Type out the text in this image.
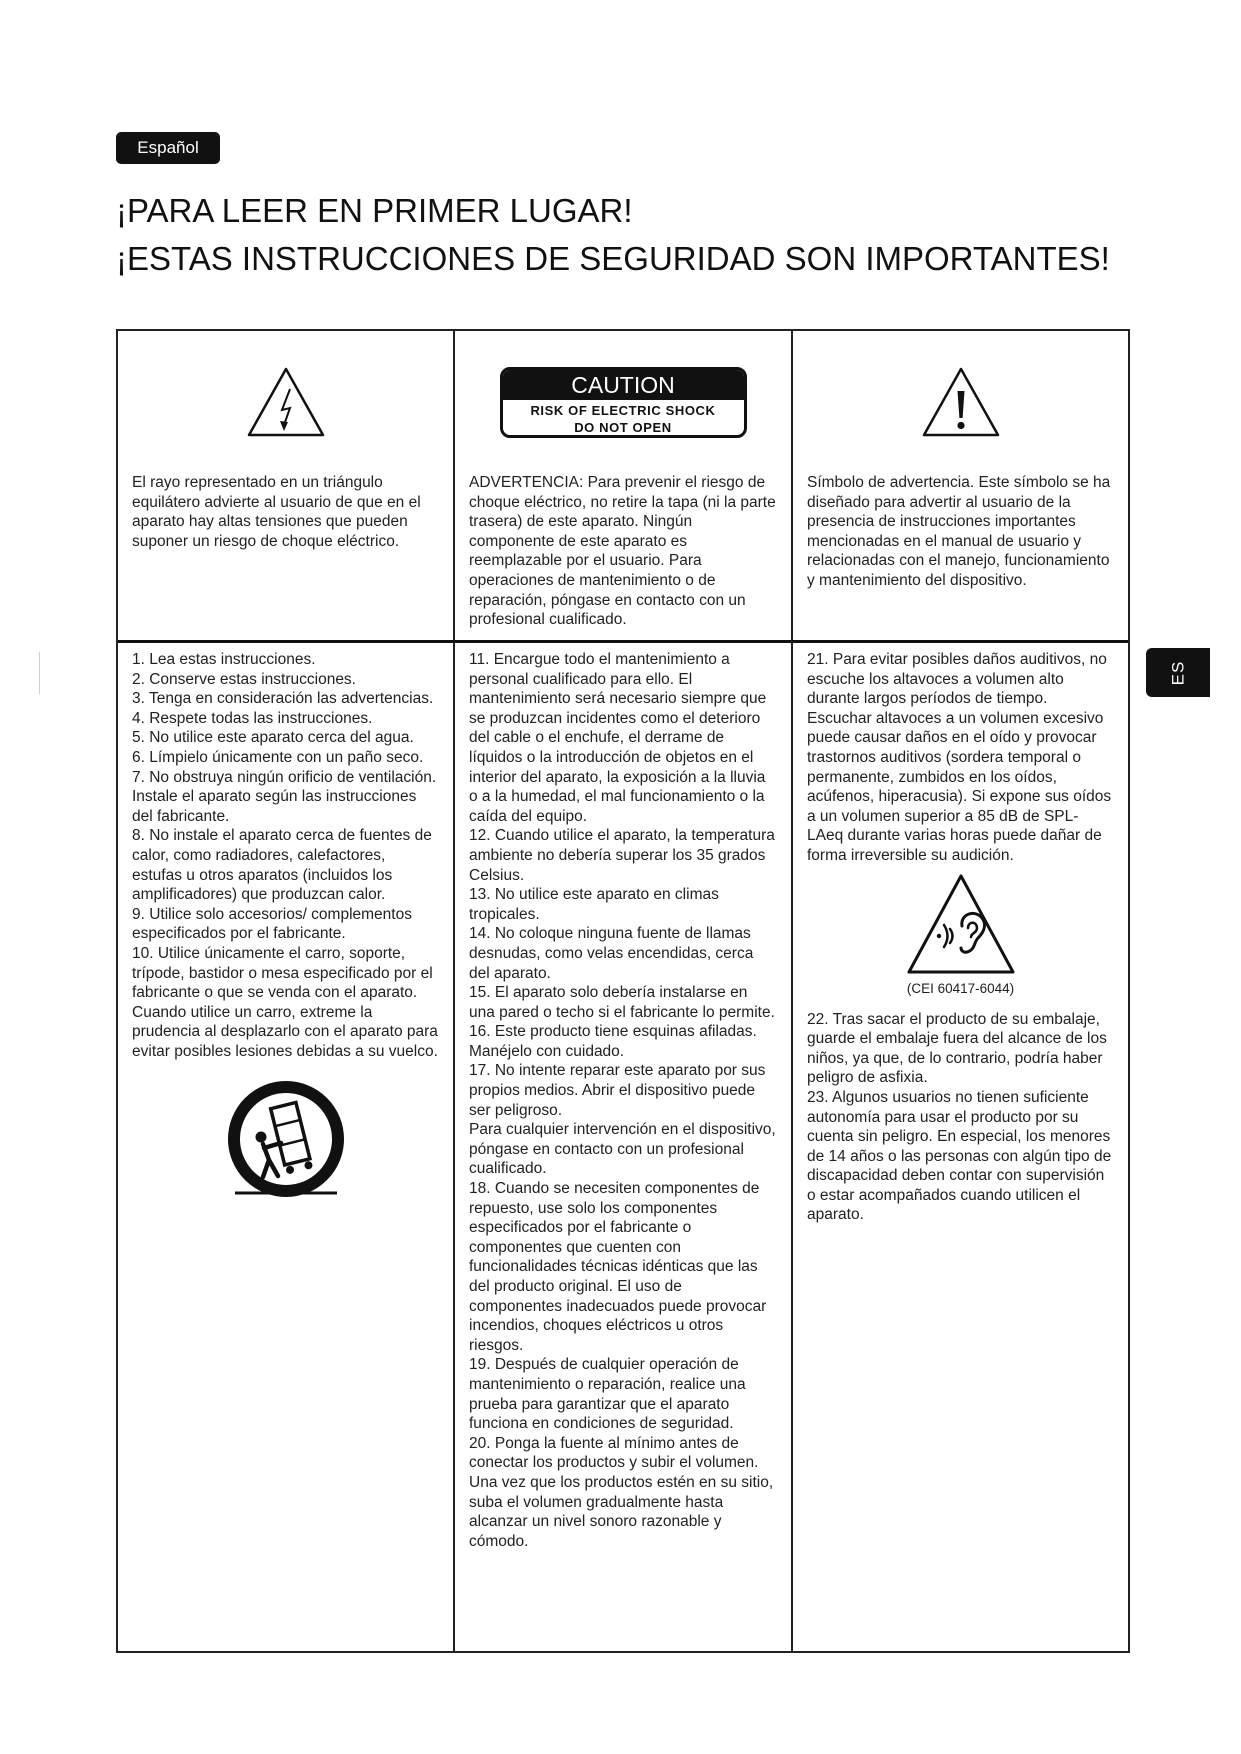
Español
¡PARA LEER EN PRIMER LUGAR!
¡ESTAS INSTRUCCIONES DE SEGURIDAD SON IMPORTANTES!
ES
El rayo representado en un triángulo equilátero advierte al usuario de que en el aparato hay altas tensiones que pueden suponer un riesgo de choque eléctrico.
CAUTION
RISK OF ELECTRIC SHOCK
DO NOT OPEN
ADVERTENCIA: Para prevenir el riesgo de choque eléctrico, no retire la tapa (ni la parte trasera) de este aparato. Ningún componente de este aparato es reemplazable por el usuario. Para operaciones de mantenimiento o de reparación, póngase en contacto con un profesional cualificado.
Símbolo de advertencia. Este símbolo se ha diseñado para advertir al usuario de la presencia de instrucciones importantes mencionadas en el manual de usuario y relacionadas con el manejo, funcionamiento y mantenimiento del dispositivo.
1. Lea estas instrucciones.
2. Conserve estas instrucciones.
3. Tenga en consideración las advertencias.
4. Respete todas las instrucciones.
5. No utilice este aparato cerca del agua.
6. Límpielo únicamente con un paño seco.
7. No obstruya ningún orificio de ventilación. Instale el aparato según las instrucciones del fabricante.
8. No instale el aparato cerca de fuentes de calor, como radiadores, calefactores, estufas u otros aparatos (incluidos los amplificadores) que produzcan calor.
9. Utilice solo accesorios/ complementos especificados por el fabricante.
10. Utilice únicamente el carro, soporte, trípode, bastidor o mesa especificado por el fabricante o que se venda con el aparato. Cuando utilice un carro, extreme la prudencia al desplazarlo con el aparato para evitar posibles lesiones debidas a su vuelco.
11. Encargue todo el mantenimiento a personal cualificado para ello. El mantenimiento será necesario siempre que se produzcan incidentes como el deterioro del cable o el enchufe, el derrame de líquidos o la introducción de objetos en el interior del aparato, la exposición a la lluvia o a la humedad, el mal funcionamiento o la caída del equipo.
12. Cuando utilice el aparato, la temperatura ambiente no debería superar los 35 grados Celsius.
13. No utilice este aparato en climas tropicales.
14. No coloque ninguna fuente de llamas desnudas, como velas encendidas, cerca del aparato.
15. El aparato solo debería instalarse en una pared o techo si el fabricante lo permite.
16. Este producto tiene esquinas afiladas. Manéjelo con cuidado.
17. No intente reparar este aparato por sus propios medios. Abrir el dispositivo puede ser peligroso.
Para cualquier intervención en el dispositivo, póngase en contacto con un profesional cualificado.
18. Cuando se necesiten componentes de repuesto, use solo los componentes especificados por el fabricante o componentes que cuenten con funcionalidades técnicas idénticas que las del producto original. El uso de componentes inadecuados puede provocar incendios, choques eléctricos u otros riesgos.
19. Después de cualquier operación de mantenimiento o reparación, realice una prueba para garantizar que el aparato funciona en condiciones de seguridad.
20. Ponga la fuente al mínimo antes de conectar los productos y subir el volumen. Una vez que los productos estén en su sitio, suba el volumen gradualmente hasta alcanzar un nivel sonoro razonable y cómodo.
21. Para evitar posibles daños auditivos, no escuche los altavoces a volumen alto durante largos períodos de tiempo. Escuchar altavoces a un volumen excesivo puede causar daños en el oído y provocar trastornos auditivos (sordera temporal o permanente, zumbidos en los oídos, acúfenos, hiperacusia). Si expone sus oídos a un volumen superior a 85 dB de SPL-LAeq durante varias horas puede dañar de forma irreversible su audición.
(CEI 60417-6044)
22. Tras sacar el producto de su embalaje, guarde el embalaje fuera del alcance de los niños, ya que, de lo contrario, podría haber peligro de asfixia.
23. Algunos usuarios no tienen suficiente autonomía para usar el producto por su cuenta sin peligro. En especial, los menores de 14 años o las personas con algún tipo de discapacidad deben contar con supervisión o estar acompañados cuando utilicen el aparato.
